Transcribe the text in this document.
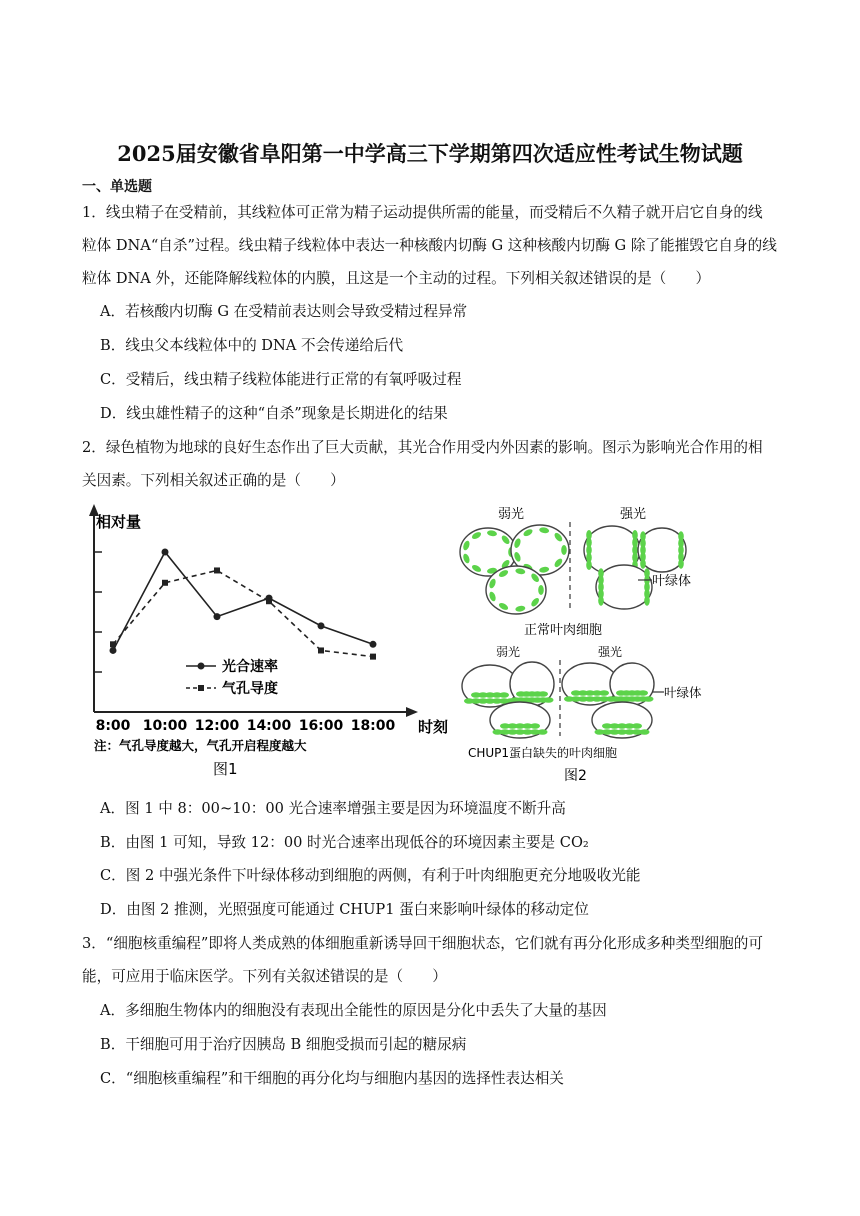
2025届安徽省阜阳第一中学高三下学期第四次适应性考试生物试题
一、单选题
1．线虫精子在受精前，其线粒体可正常为精子运动提供所需的能量，而受精后不久精子就开启它自身的线
粒体 DNA“自杀”过程。线虫精子线粒体中表达一种核酸内切酶 G 这种核酸内切酶 G 除了能摧毁它自身的线
粒体 DNA 外，还能降解线粒体的内膜，且这是一个主动的过程。下列相关叙述错误的是（　　）
A．若核酸内切酶 G 在受精前表达则会导致受精过程异常
B．线虫父本线粒体中的 DNA 不会传递给后代
C．受精后，线虫精子线粒体能进行正常的有氧呼吸过程
D．线虫雄性精子的这种“自杀”现象是长期进化的结果
2．绿色植物为地球的良好生态作出了巨大贡献，其光合作用受内外因素的影响。图示为影响光合作用的相
关因素。下列相关叙述正确的是（　　）
相对量
时刻
8:00 10:00 12:00 14:00 16:00 18:00
光合速率
气孔导度
注：气孔导度越大，气孔开启程度越大
图1
弱光	强光
叶绿体
正常叶肉细胞
弱光	强光
叶绿体
CHUP1蛋白缺失的叶肉细胞
图2
A．图 1 中 8：00~10：00 光合速率增强主要是因为环境温度不断升高
B．由图 1 可知，导致 12：00 时光合速率出现低谷的环境因素主要是 CO₂
C．图 2 中强光条件下叶绿体移动到细胞的两侧，有利于叶肉细胞更充分地吸收光能
D．由图 2 推测，光照强度可能通过 CHUP1 蛋白来影响叶绿体的移动定位
3．“细胞核重编程”即将人类成熟的体细胞重新诱导回干细胞状态，它们就有再分化形成多种类型细胞的可
能，可应用于临床医学。下列有关叙述错误的是（　　）
A．多细胞生物体内的细胞没有表现出全能性的原因是分化中丢失了大量的基因
B．干细胞可用于治疗因胰岛 B 细胞受损而引起的糖尿病
C．“细胞核重编程”和干细胞的再分化均与细胞内基因的选择性表达相关
